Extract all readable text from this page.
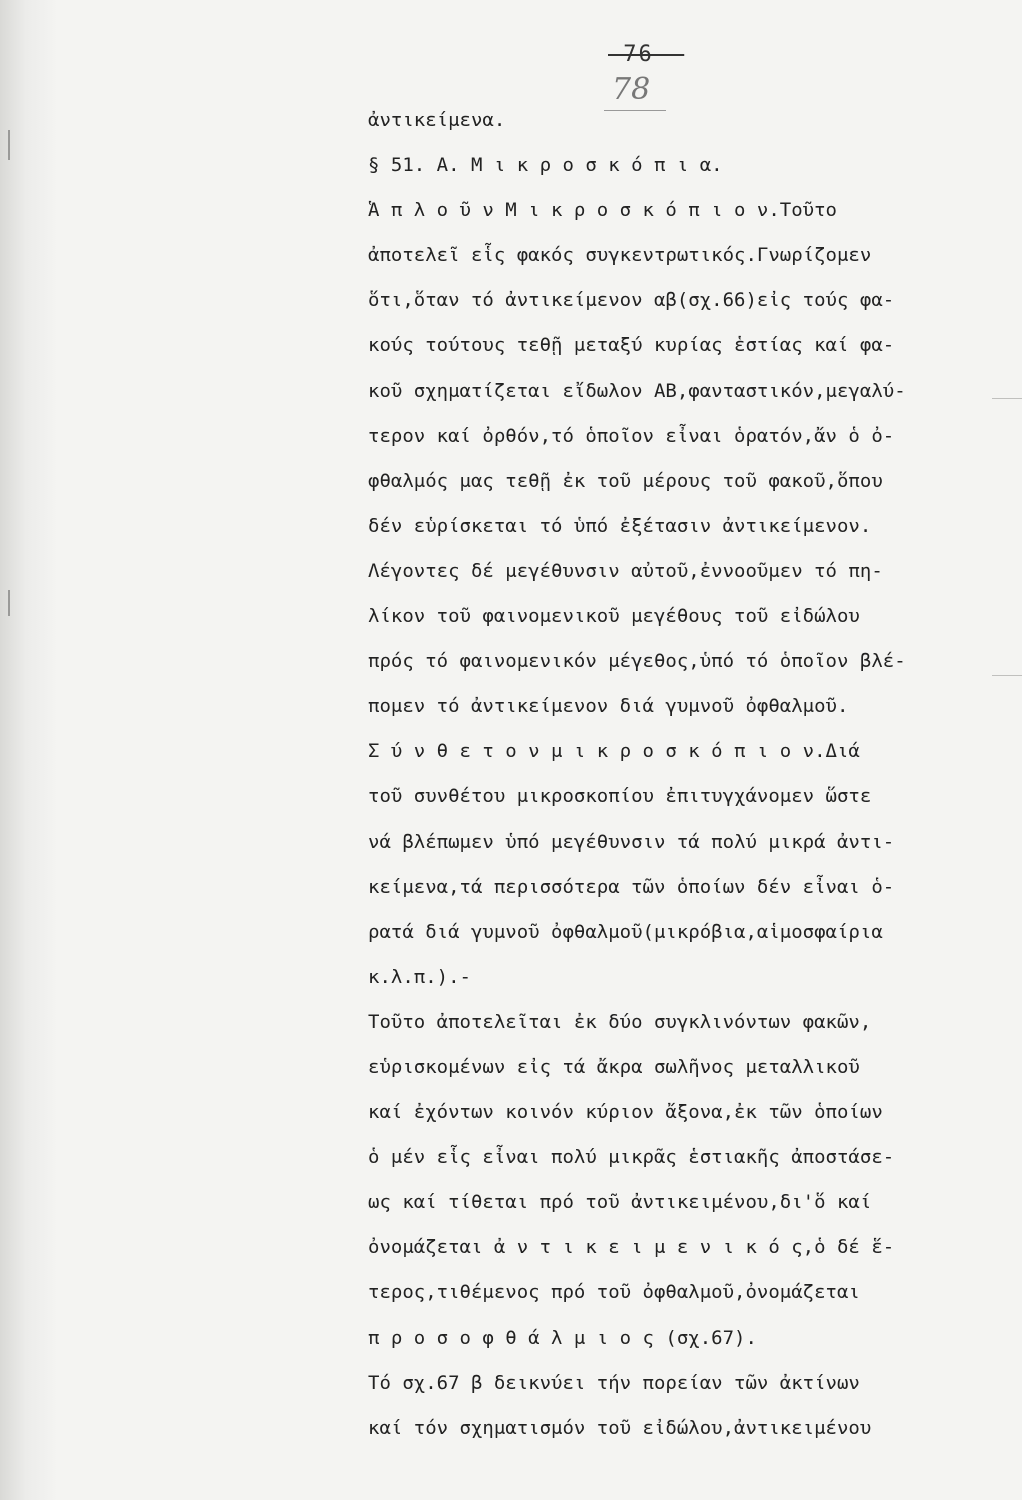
-76 -
78
ἀντικείμενα.
§ 51. Α. Μ ι κ ρ ο σ κ ό π ι α.
Ἁ π λ ο ῦ ν Μ ι κ ρ ο σ κ ό π ι ο ν.Τοῦτο
ἀποτελεῖ εἷς φακός συγκεντρωτικός.Γνωρίζομεν
ὅτι,ὅταν τό ἀντικείμενον αβ(σχ.66)εἰς τούς φα-
κούς τούτους τεθῇ μεταξύ κυρίας ἑστίας καί φα-
κοῦ σχηματίζεται εἴδωλον ΑΒ,φανταστικόν,μεγαλύ-
τερον καί ὀρθόν,τό ὁποῖον εἶναι ὁρατόν,ἄν ὁ ὀ-
φθαλμός μας τεθῇ ἐκ τοῦ μέρους τοῦ φακοῦ,ὅπου
δέν εὑρίσκεται τό ὑπό ἐξέτασιν ἀντικείμενον.
Λέγοντες δέ μεγέθυνσιν αὐτοῦ,ἐννοοῦμεν τό πη-
λίκον τοῦ φαινομενικοῦ μεγέθους τοῦ εἰδώλου
πρός τό φαινομενικόν μέγεθος,ὑπό τό ὁποῖον βλέ-
πομεν τό ἀντικείμενον διά γυμνοῦ ὀφθαλμοῦ.
Σ ύ ν θ ε τ ο ν μ ι κ ρ ο σ κ ό π ι ο ν.Διά
τοῦ συνθέτου μικροσκοπίου ἐπιτυγχάνομεν ὥστε
νά βλέπωμεν ὑπό μεγέθυνσιν τά πολύ μικρά ἀντι-
κείμενα,τά περισσότερα τῶν ὁποίων δέν εἶναι ὁ-
ρατά διά γυμνοῦ ὀφθαλμοῦ(μικρόβια,αἱμοσφαίρια
κ.λ.π.).-
Τοῦτο ἀποτελεῖται ἐκ δύο συγκλινόντων φακῶν,
εὑρισκομένων εἰς τά ἄκρα σωλῆνος μεταλλικοῦ
καί ἐχόντων κοινόν κύριον ἄξονα,ἐκ τῶν ὁποίων
ὁ μέν εἷς εἶναι πολύ μικρᾶς ἑστιακῆς ἀποστάσε-
ως καί τίθεται πρό τοῦ ἀντικειμένου,δι'ὅ καί
ὀνομάζεται ἀ ν τ ι κ ε ι μ ε ν ι κ ό ς,ὁ δέ ἕ-
τερος,τιθέμενος πρό τοῦ ὀφθαλμοῦ,ὀνομάζεται
π ρ ο σ ο φ θ ά λ μ ι ο ς (σχ.67).
Τό σχ.67 β δεικνύει τήν πορείαν τῶν ἀκτίνων
καί τόν σχηματισμόν τοῦ εἰδώλου,ἀντικειμένου
